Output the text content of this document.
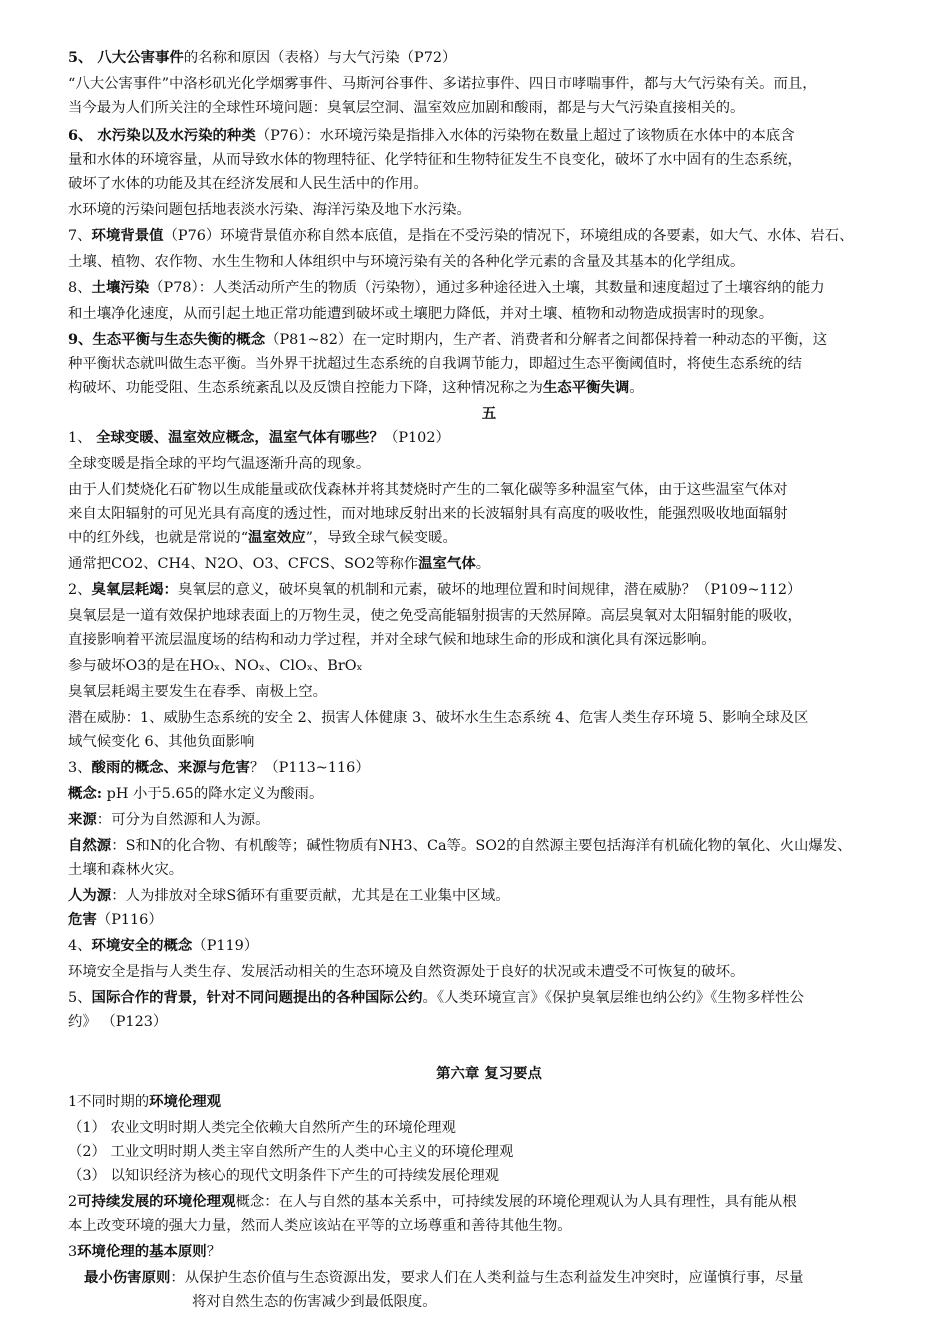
5、 八大公害事件的名称和原因（表格）与大气污染（P72）
“八大公害事件”中洛杉矶光化学烟雾事件、马斯河谷事件、多诺拉事件、四日市哮喘事件，都与大气污染有关。而且，
当今最为人们所关注的全球性环境问题：臭氧层空洞、温室效应加剧和酸雨，都是与大气污染直接相关的。
6、 水污染以及水污染的种类（P76）：水环境污染是指排入水体的污染物在数量上超过了该物质在水体中的本底含
量和水体的环境容量，从而导致水体的物理特征、化学特征和生物特征发生不良变化，破坏了水中固有的生态系统，
破坏了水体的功能及其在经济发展和人民生活中的作用。
水环境的污染问题包括地表淡水污染、海洋污染及地下水污染。
7、环境背景值（P76）环境背景值亦称自然本底值，是指在不受污染的情况下，环境组成的各要素，如大气、水体、岩石、
土壤、植物、农作物、水生生物和人体组织中与环境污染有关的各种化学元素的含量及其基本的化学组成。
8、土壤污染（P78）：人类活动所产生的物质（污染物），通过多种途径进入土壤，其数量和速度超过了土壤容纳的能力
和土壤净化速度，从而引起土地正常功能遭到破坏或土壤肥力降低，并对土壤、植物和动物造成损害时的现象。
9、生态平衡与生态失衡的概念（P81~82）在一定时期内，生产者、消费者和分解者之间都保持着一种动态的平衡，这
种平衡状态就叫做生态平衡。当外界干扰超过生态系统的自我调节能力，即超过生态平衡阈值时，将使生态系统的结
构破坏、功能受阻、生态系统紊乱以及反馈自控能力下降，这种情况称之为生态平衡失调。
五
1、 全球变暖、温室效应概念，温室气体有哪些？（P102）
全球变暖是指全球的平均气温逐渐升高的现象。
由于人们焚烧化石矿物以生成能量或砍伐森林并将其焚烧时产生的二氧化碳等多种温室气体，由于这些温室气体对
来自太阳辐射的可见光具有高度的透过性，而对地球反射出来的长波辐射具有高度的吸收性，能强烈吸收地面辐射
中的红外线，也就是常说的“温室效应”，导致全球气候变暖。
通常把CO2、CH4、N2O、O3、CFCS、SO2等称作温室气体。
2、臭氧层耗竭：臭氧层的意义，破坏臭氧的机制和元素，破坏的地理位置和时间规律，潜在威胁？（P109~112）
臭氧层是一道有效保护地球表面上的万物生灵，使之免受高能辐射损害的天然屏障。高层臭氧对太阳辐射能的吸收，
直接影响着平流层温度场的结构和动力学过程，并对全球气候和地球生命的形成和演化具有深远影响。
参与破坏O3的是在HOₓ、NOₓ、ClOₓ、BrOₓ
臭氧层耗竭主要发生在春季、南极上空。
潜在威胁：1、威胁生态系统的安全 2、损害人体健康 3、破坏水生生态系统 4、危害人类生存环境 5、影响全球及区
域气候变化 6、其他负面影响
3、酸雨的概念、来源与危害？（P113~116）
概念: pH 小于5.65的降水定义为酸雨。
来源：可分为自然源和人为源。
自然源：S和N的化合物、有机酸等；碱性物质有NH3、Ca等。SO2的自然源主要包括海洋有机硫化物的氧化、火山爆发、
土壤和森林火灾。
人为源：人为排放对全球S循环有重要贡献，尤其是在工业集中区域。
危害（P116）
4、环境安全的概念（P119）
环境安全是指与人类生存、发展活动相关的生态环境及自然资源处于良好的状况或未遭受不可恢复的破坏。
5、国际合作的背景，针对不同问题提出的各种国际公约。《人类环境宣言》《保护臭氧层维也纳公约》《生物多样性公
约》 （P123）
第六章 复习要点
1不同时期的环境伦理观
（1） 农业文明时期人类完全依赖大自然所产生的环境伦理观
（2） 工业文明时期人类主宰自然所产生的人类中心主义的环境伦理观
（3） 以知识经济为核心的现代文明条件下产生的可持续发展伦理观
2可持续发展的环境伦理观概念：在人与自然的基本关系中，可持续发展的环境伦理观认为人具有理性，具有能从根
本上改变环境的强大力量，然而人类应该站在平等的立场尊重和善待其他生物。
3环境伦理的基本原则？
最小伤害原则：从保护生态价值与生态资源出发，要求人们在人类利益与生态利益发生冲突时，应谨慎行事，尽量
将对自然生态的伤害减少到最低限度。
